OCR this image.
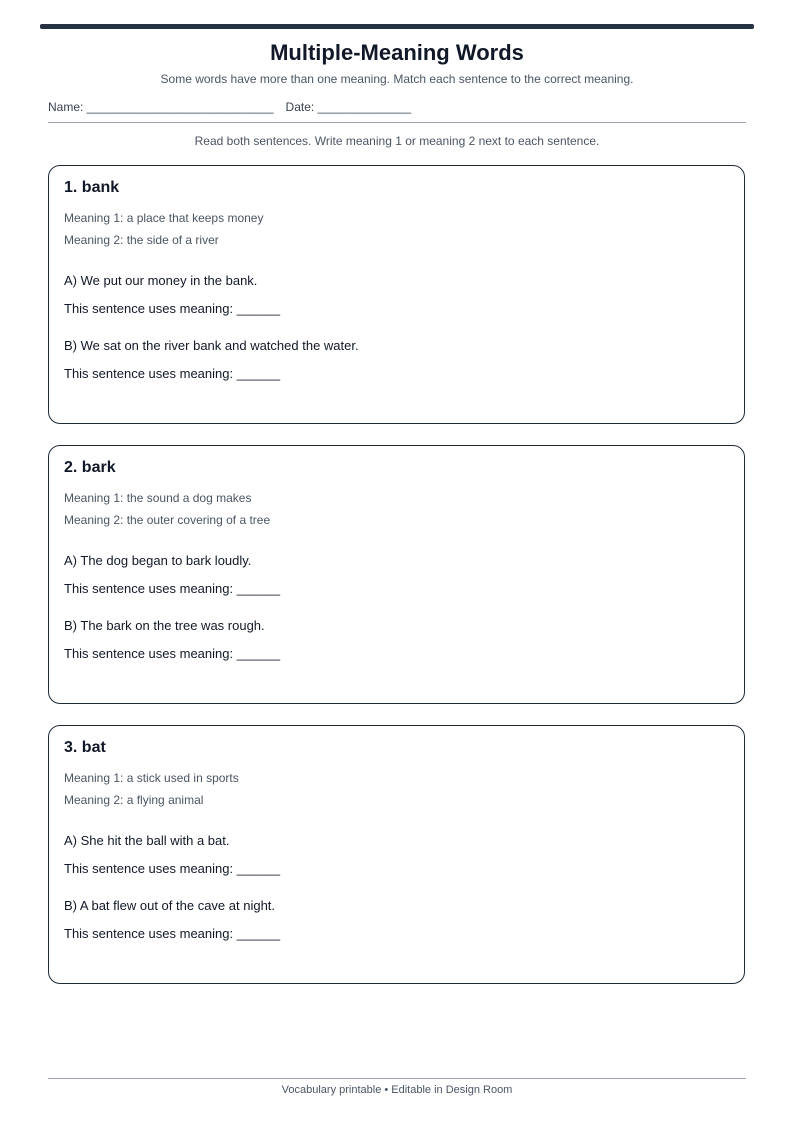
Multiple-Meaning Words
Some words have more than one meaning. Match each sentence to the correct meaning.
Name: ____________________________ Date: ______________
Read both sentences. Write meaning 1 or meaning 2 next to each sentence.
1. bank
Meaning 1: a place that keeps money
Meaning 2: the side of a river
A) We put our money in the bank.
This sentence uses meaning: ______
B) We sat on the river bank and watched the water.
This sentence uses meaning: ______
2. bark
Meaning 1: the sound a dog makes
Meaning 2: the outer covering of a tree
A) The dog began to bark loudly.
This sentence uses meaning: ______
B) The bark on the tree was rough.
This sentence uses meaning: ______
3. bat
Meaning 1: a stick used in sports
Meaning 2: a flying animal
A) She hit the ball with a bat.
This sentence uses meaning: ______
B) A bat flew out of the cave at night.
This sentence uses meaning: ______
Vocabulary printable • Editable in Design Room
